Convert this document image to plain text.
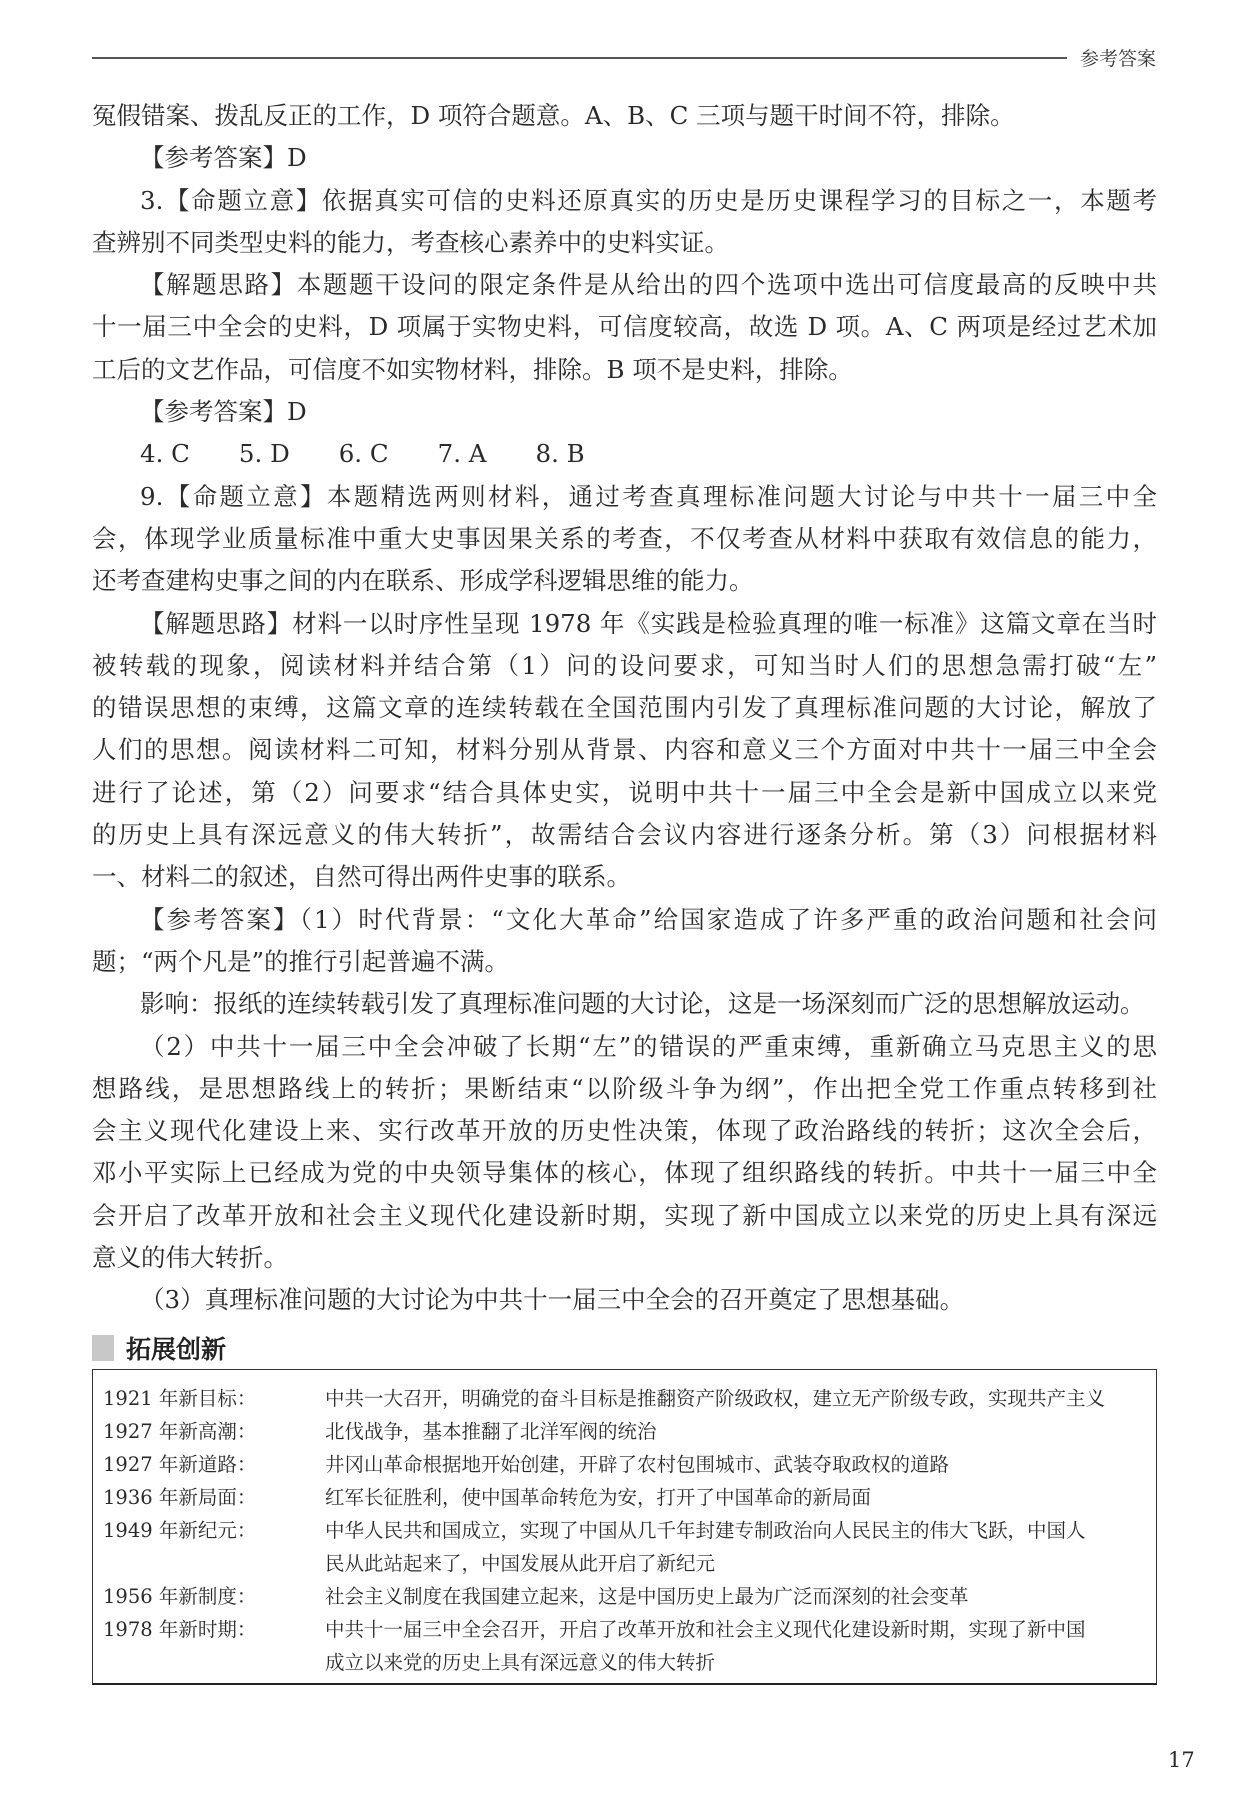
参考答案
冤假错案、拨乱反正的工作，D 项符合题意。A、B、C 三项与题干时间不符，排除。
【参考答案】D
3.【命题立意】依据真实可信的史料还原真实的历史是历史课程学习的目标之一，本题考
查辨别不同类型史料的能力，考查核心素养中的史料实证。
【解题思路】本题题干设问的限定条件是从给出的四个选项中选出可信度最高的反映中共
十一届三中全会的史料，D 项属于实物史料，可信度较高，故选 D 项。A、C 两项是经过艺术加
工后的文艺作品，可信度不如实物材料，排除。B 项不是史料，排除。
【参考答案】D
4. C　　5. D　　6. C　　7. A　　8. B
9.【命题立意】本题精选两则材料，通过考查真理标准问题大讨论与中共十一届三中全
会，体现学业质量标准中重大史事因果关系的考查，不仅考查从材料中获取有效信息的能力，
还考查建构史事之间的内在联系、形成学科逻辑思维的能力。
【解题思路】材料一以时序性呈现 1978 年《实践是检验真理的唯一标准》这篇文章在当时
被转载的现象，阅读材料并结合第（1）问的设问要求，可知当时人们的思想急需打破“左”
的错误思想的束缚，这篇文章的连续转载在全国范围内引发了真理标准问题的大讨论，解放了
人们的思想。阅读材料二可知，材料分别从背景、内容和意义三个方面对中共十一届三中全会
进行了论述，第（2）问要求“结合具体史实，说明中共十一届三中全会是新中国成立以来党
的历史上具有深远意义的伟大转折”，故需结合会议内容进行逐条分析。第（3）问根据材料
一、材料二的叙述，自然可得出两件史事的联系。
【参考答案】（1）时代背景：“文化大革命”给国家造成了许多严重的政治问题和社会问
题；“两个凡是”的推行引起普遍不满。
影响：报纸的连续转载引发了真理标准问题的大讨论，这是一场深刻而广泛的思想解放运动。
（2）中共十一届三中全会冲破了长期“左”的错误的严重束缚，重新确立马克思主义的思
想路线，是思想路线上的转折；果断结束“以阶级斗争为纲”，作出把全党工作重点转移到社
会主义现代化建设上来、实行改革开放的历史性决策，体现了政治路线的转折；这次全会后，
邓小平实际上已经成为党的中央领导集体的核心，体现了组织路线的转折。中共十一届三中全
会开启了改革开放和社会主义现代化建设新时期，实现了新中国成立以来党的历史上具有深远
意义的伟大转折。
（3）真理标准问题的大讨论为中共十一届三中全会的召开奠定了思想基础。
拓展创新
1921 年新目标：	中共一大召开，明确党的奋斗目标是推翻资产阶级政权，建立无产阶级专政，实现共产主义
1927 年新高潮：	北伐战争，基本推翻了北洋军阀的统治
1927 年新道路：	井冈山革命根据地开始创建，开辟了农村包围城市、武装夺取政权的道路
1936 年新局面：	红军长征胜利，使中国革命转危为安，打开了中国革命的新局面
1949 年新纪元：	中华人民共和国成立，实现了中国从几千年封建专制政治向人民民主的伟大飞跃，中国人
民从此站起来了，中国发展从此开启了新纪元
1956 年新制度：	社会主义制度在我国建立起来，这是中国历史上最为广泛而深刻的社会变革
1978 年新时期：	中共十一届三中全会召开，开启了改革开放和社会主义现代化建设新时期，实现了新中国
成立以来党的历史上具有深远意义的伟大转折
17
